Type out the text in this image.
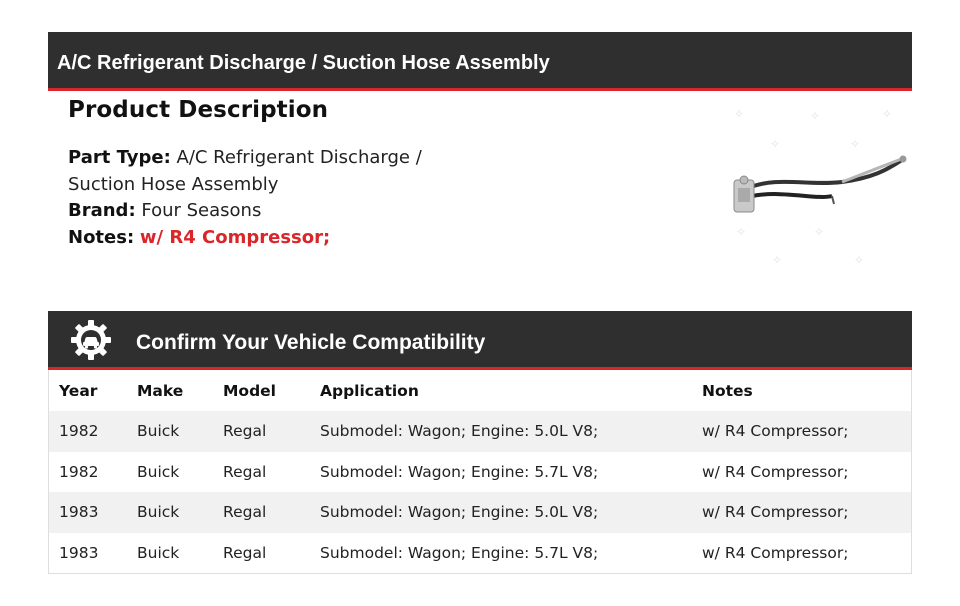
A/C Refrigerant Discharge / Suction Hose Assembly
Product Description
Part Type: A/C Refrigerant Discharge / Suction Hose Assembly
Brand: Four Seasons
Notes: w/ R4 Compressor;
✧	✧	✧
✧	✧
✧	✧
✧	✧
Confirm Your Vehicle Compatibility
Year	Make	Model	Application	Notes
1982	Buick	Regal	Submodel: Wagon; Engine: 5.0L V8;	w/ R4 Compressor;
1982	Buick	Regal	Submodel: Wagon; Engine: 5.7L V8;	w/ R4 Compressor;
1983	Buick	Regal	Submodel: Wagon; Engine: 5.0L V8;	w/ R4 Compressor;
1983	Buick	Regal	Submodel: Wagon; Engine: 5.7L V8;	w/ R4 Compressor;
